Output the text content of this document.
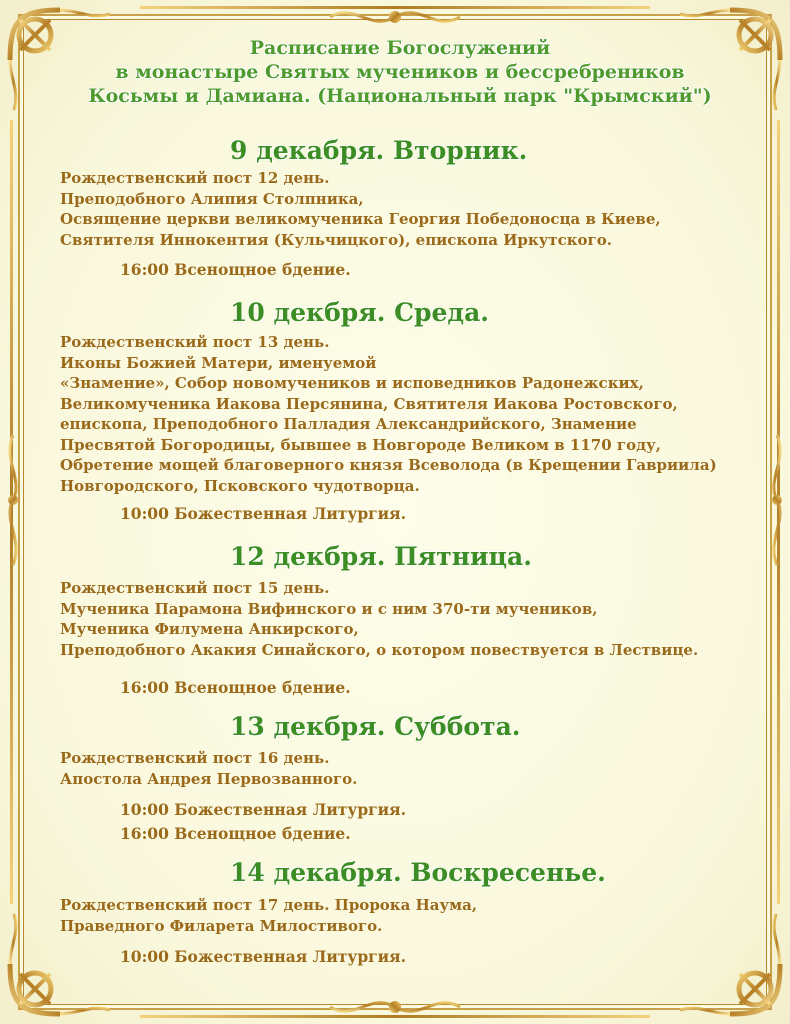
Расписание Богослужений
в монастыре Святых мучеников и бессребреников
Косьмы и Дамиана. (Национальный парк "Крымский")
9 декабря. Вторник.
Рождественский пост 12 день.
Преподобного Алипия Столпника,
Освящение церкви великомученика Георгия Победоносца в Киеве,
Святителя Иннокентия (Кульчицкого), епископа Иркутского.
16:00 Всенощное бдение.
10 декбря. Среда.
Рождественский пост 13 день.
Иконы Божией Матери, именуемой
«Знамение», Собор новомучеников и исповедников Радонежских,
Великомученика Иакова Персянина, Святителя Иакова Ростовского,
епископа, Преподобного Палладия Александрийского, Знамение
Пресвятой Богородицы, бывшее в Новгороде Великом в 1170 году,
Обретение мощей благоверного князя Всеволода (в Крещении Гавриила)
Новгородского, Псковского чудотворца.
10:00 Божественная Литургия.
12 декбря. Пятница.
Рождественский пост 15 день.
Мученика Парамона Вифинского и с ним 370-ти мучеников,
Мученика Филумена Анкирского,
Преподобного Акакия Синайского, о котором повествуется в Лествице.
16:00 Всенощное бдение.
13 декбря. Суббота.
Рождественский пост 16 день.
Апостола Андрея Первозванного.
10:00 Божественная Литургия.
16:00 Всенощное бдение.
14 декабря. Воскресенье.
Рождественский пост 17 день. Пророка Наума,
Праведного Филарета Милостивого.
10:00 Божественная Литургия.
